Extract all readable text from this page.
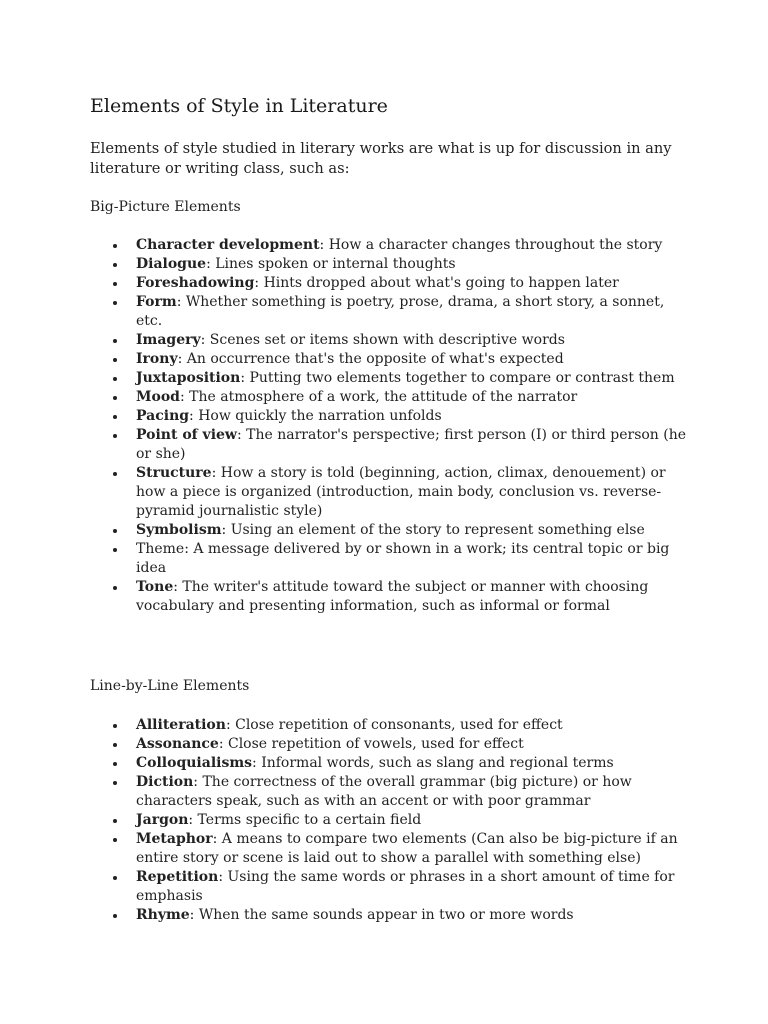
Elements of Style in Literature

Elements of style studied in literary works are what is up for discussion in any literature or writing class, such as:

Big-Picture Elements
Character development: How a character changes throughout the story
Dialogue: Lines spoken or internal thoughts
Foreshadowing: Hints dropped about what's going to happen later
Form: Whether something is poetry, prose, drama, a short story, a sonnet, etc.
Imagery: Scenes set or items shown with descriptive words
Irony: An occurrence that's the opposite of what's expected
Juxtaposition: Putting two elements together to compare or contrast them
Mood: The atmosphere of a work, the attitude of the narrator
Pacing: How quickly the narration unfolds
Point of view: The narrator's perspective; first person (I) or third person (he or she)
Structure: How a story is told (beginning, action, climax, denouement) or how a piece is organized (introduction, main body, conclusion vs. reverse-pyramid journalistic style)
Symbolism: Using an element of the story to represent something else
Theme: A message delivered by or shown in a work; its central topic or big idea
Tone: The writer's attitude toward the subject or manner with choosing vocabulary and presenting information, such as informal or formal
Line-by-Line Elements
Alliteration: Close repetition of consonants, used for effect
Assonance: Close repetition of vowels, used for effect
Colloquialisms: Informal words, such as slang and regional terms
Diction: The correctness of the overall grammar (big picture) or how characters speak, such as with an accent or with poor grammar
Jargon: Terms specific to a certain field
Metaphor: A means to compare two elements (Can also be big-picture if an entire story or scene is laid out to show a parallel with something else)
Repetition: Using the same words or phrases in a short amount of time for emphasis
Rhyme: When the same sounds appear in two or more words
